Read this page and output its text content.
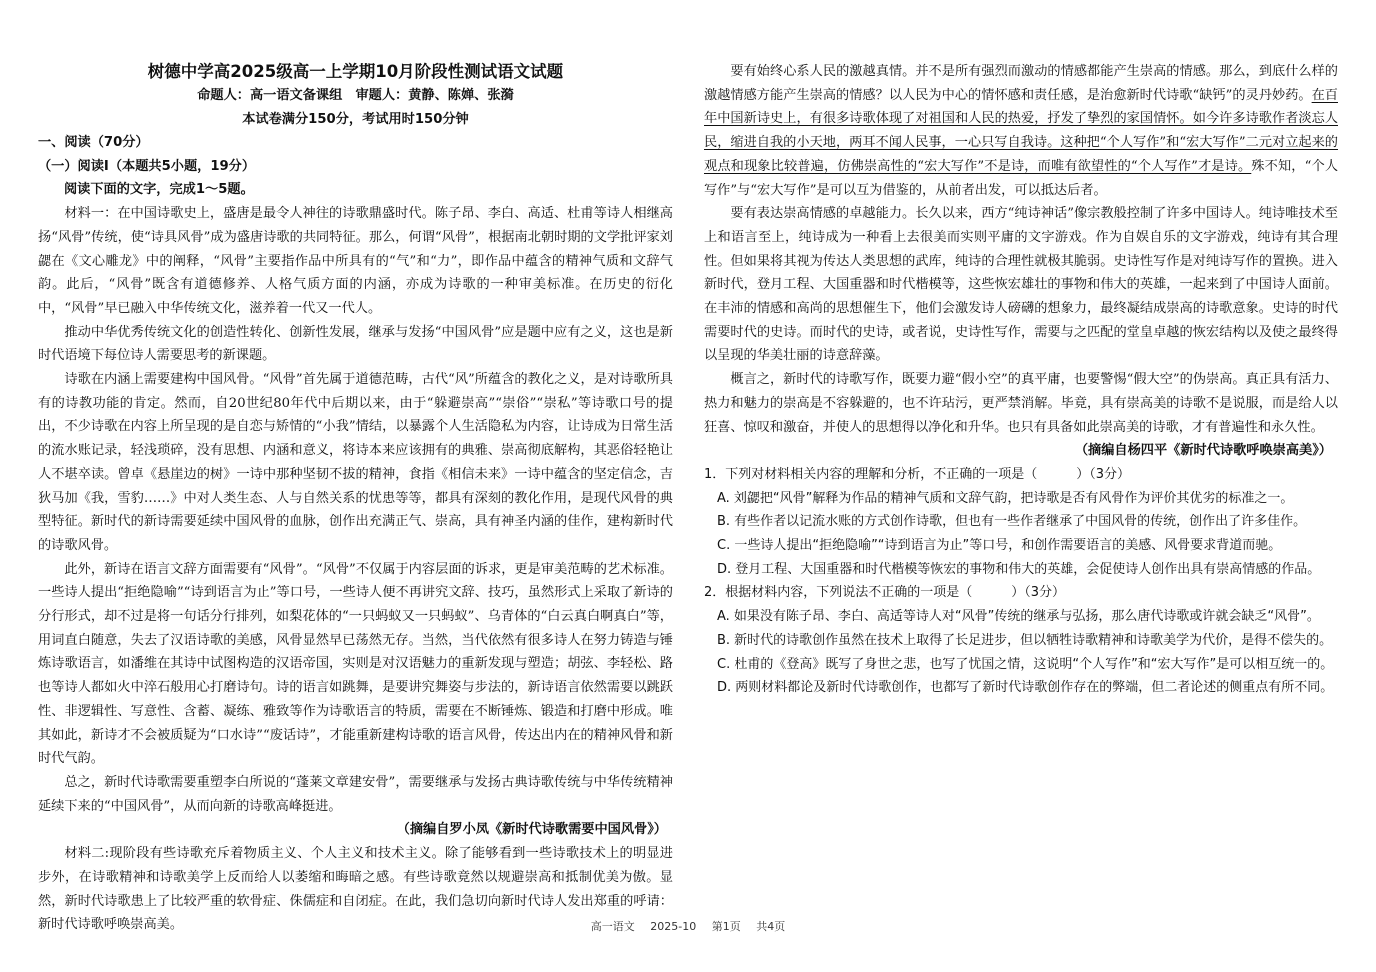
树德中学高2025级高一上学期10月阶段性测试语文试题

命题人：高一语文备课组　审题人：黄静、陈婵、张漪

本试卷满分150分，考试用时150分钟

一、阅读（70分）

（一）阅读Ⅰ（本题共5小题，19分）

阅读下面的文字，完成1～5题。

材料一：在中国诗歌史上，盛唐是最令人神往的诗歌鼎盛时代。陈子昂、李白、高适、杜甫等诗人相继高扬“风骨”传统，使“诗具风骨”成为盛唐诗歌的共同特征。那么，何谓“风骨”，根据南北朝时期的文学批评家刘勰在《文心雕龙》中的阐释，“风骨”主要指作品中所具有的“气”和“力”，即作品中蕴含的精神气质和文辞气韵。此后，“风骨”既含有道德修养、人格气质方面的内涵，亦成为诗歌的一种审美标准。在历史的衍化中，“风骨”早已融入中华传统文化，滋养着一代又一代人。

推动中华优秀传统文化的创造性转化、创新性发展，继承与发扬“中国风骨”应是题中应有之义，这也是新时代语境下每位诗人需要思考的新课题。

诗歌在内涵上需要建构中国风骨。“风骨”首先属于道德范畴，古代“风”所蕴含的教化之义，是对诗歌所具有的诗教功能的肯定。然而，自20世纪80年代中后期以来，由于“躲避崇高”“崇俗”“崇私”等诗歌口号的提出，不少诗歌在内容上所呈现的是自恋与矫情的“小我”情结，以暴露个人生活隐私为内容，让诗成为日常生活的流水账记录，轻浅琐碎，没有思想、内涵和意义，将诗本来应该拥有的典雅、崇高彻底解构，其恶俗轻艳让人不堪卒读。曾卓《悬崖边的树》一诗中那种坚韧不拔的精神，食指《相信未来》一诗中蕴含的坚定信念，吉狄马加《我，雪豹……》中对人类生态、人与自然关系的忧患等等，都具有深刻的教化作用，是现代风骨的典型特征。新时代的新诗需要延续中国风骨的血脉，创作出充满正气、崇高，具有神圣内涵的佳作，建构新时代的诗歌风骨。

此外，新诗在语言文辞方面需要有“风骨”。“风骨”不仅属于内容层面的诉求，更是审美范畴的艺术标准。一些诗人提出“拒绝隐喻”“诗到语言为止”等口号，一些诗人便不再讲究文辞、技巧，虽然形式上采取了新诗的分行形式，却不过是将一句话分行排列，如梨花体的“一只蚂蚁又一只蚂蚁”、乌青体的“白云真白啊真白”等，用词直白随意，失去了汉语诗歌的美感，风骨显然早已荡然无存。当然，当代依然有很多诗人在努力铸造与锤炼诗歌语言，如潘维在其诗中试图构造的汉语帝国，实则是对汉语魅力的重新发现与塑造；胡弦、李轻松、路也等诗人都如火中淬石般用心打磨诗句。诗的语言如跳舞，是要讲究舞姿与步法的，新诗语言依然需要以跳跃性、非逻辑性、写意性、含蓄、凝练、雅致等作为诗歌语言的特质，需要在不断锤炼、锻造和打磨中形成。唯其如此，新诗才不会被质疑为“口水诗”“废话诗”，才能重新建构诗歌的语言风骨，传达出内在的精神风骨和新时代气韵。

总之，新时代诗歌需要重塑李白所说的“蓬莱文章建安骨”，需要继承与发扬古典诗歌传统与中华传统精神延续下来的“中国风骨”，从而向新的诗歌高峰挺进。

（摘编自罗小凤《新时代诗歌需要中国风骨》）

材料二:现阶段有些诗歌充斥着物质主义、个人主义和技术主义。除了能够看到一些诗歌技术上的明显进步外，在诗歌精神和诗歌美学上反而给人以萎缩和晦暗之感。有些诗歌竟然以规避崇高和抵制优美为傲。显然，新时代诗歌患上了比较严重的软骨症、侏儒症和自闭症。在此，我们急切向新时代诗人发出郑重的呼请：新时代诗歌呼唤崇高美。

要有始终心系人民的激越真情。并不是所有强烈而激动的情感都能产生崇高的情感。那么，到底什么样的激越情感方能产生崇高的情感？以人民为中心的情怀感和责任感，是治愈新时代诗歌“缺钙”的灵丹妙药。在百年中国新诗史上，有很多诗歌体现了对祖国和人民的热爱，抒发了挚烈的家国情怀。如今许多诗歌作者淡忘人民，缩进自我的小天地，两耳不闻人民事，一心只写自我诗。这种把“个人写作”和“宏大写作”二元对立起来的观点和现象比较普遍，仿佛崇高性的“宏大写作”不是诗，而唯有欲望性的“个人写作”才是诗。殊不知，“个人写作”与“宏大写作”是可以互为借鉴的，从前者出发，可以抵达后者。

要有表达崇高情感的卓越能力。长久以来，西方“纯诗神话”像宗教般控制了许多中国诗人。纯诗唯技术至上和语言至上，纯诗成为一种看上去很美而实则平庸的文字游戏。作为自娱自乐的文字游戏，纯诗有其合理性。但如果将其视为传达人类思想的武库，纯诗的合理性就极其脆弱。史诗性写作是对纯诗写作的置换。进入新时代，登月工程、大国重器和时代楷模等，这些恢宏雄壮的事物和伟大的英雄，一起来到了中国诗人面前。在丰沛的情感和高尚的思想催生下，他们会激发诗人磅礴的想象力，最终凝结成崇高的诗歌意象。史诗的时代需要时代的史诗。而时代的史诗，或者说，史诗性写作，需要与之匹配的堂皇卓越的恢宏结构以及使之最终得以呈现的华美壮丽的诗意辞藻。

概言之，新时代的诗歌写作，既要力避“假小空”的真平庸，也要警惕“假大空”的伪崇高。真正具有活力、热力和魅力的崇高是不容躲避的，也不许玷污，更严禁消解。毕竟，具有崇高美的诗歌不是说服，而是给人以狂喜、惊叹和激奋，并使人的思想得以净化和升华。也只有具备如此崇高美的诗歌，才有普遍性和永久性。

（摘编自杨四平《新时代诗歌呼唤崇高美》）

1．下列对材料相关内容的理解和分析，不正确的一项是（　　　）（3分）

A. 刘勰把“风骨”解释为作品的精神气质和文辞气韵，把诗歌是否有风骨作为评价其优劣的标准之一。

B. 有些作者以记流水账的方式创作诗歌，但也有一些作者继承了中国风骨的传统，创作出了许多佳作。

C. 一些诗人提出“拒绝隐喻”“诗到语言为止”等口号，和创作需要语言的美感、风骨要求背道而驰。

D. 登月工程、大国重器和时代楷模等恢宏的事物和伟大的英雄，会促使诗人创作出具有崇高情感的作品。

2．根据材料内容，下列说法不正确的一项是（　　　）（3分）

A. 如果没有陈子昂、李白、高适等诗人对“风骨”传统的继承与弘扬，那么唐代诗歌或许就会缺乏“风骨”。

B. 新时代的诗歌创作虽然在技术上取得了长足进步，但以牺牲诗歌精神和诗歌美学为代价，是得不偿失的。

C. 杜甫的《登高》既写了身世之悲，也写了忧国之情，这说明“个人写作”和“宏大写作”是可以相互统一的。

D. 两则材料都论及新时代诗歌创作，也都写了新时代诗歌创作存在的弊端，但二者论述的侧重点有所不同。

高一语文 2025-10 第1页 共4页
